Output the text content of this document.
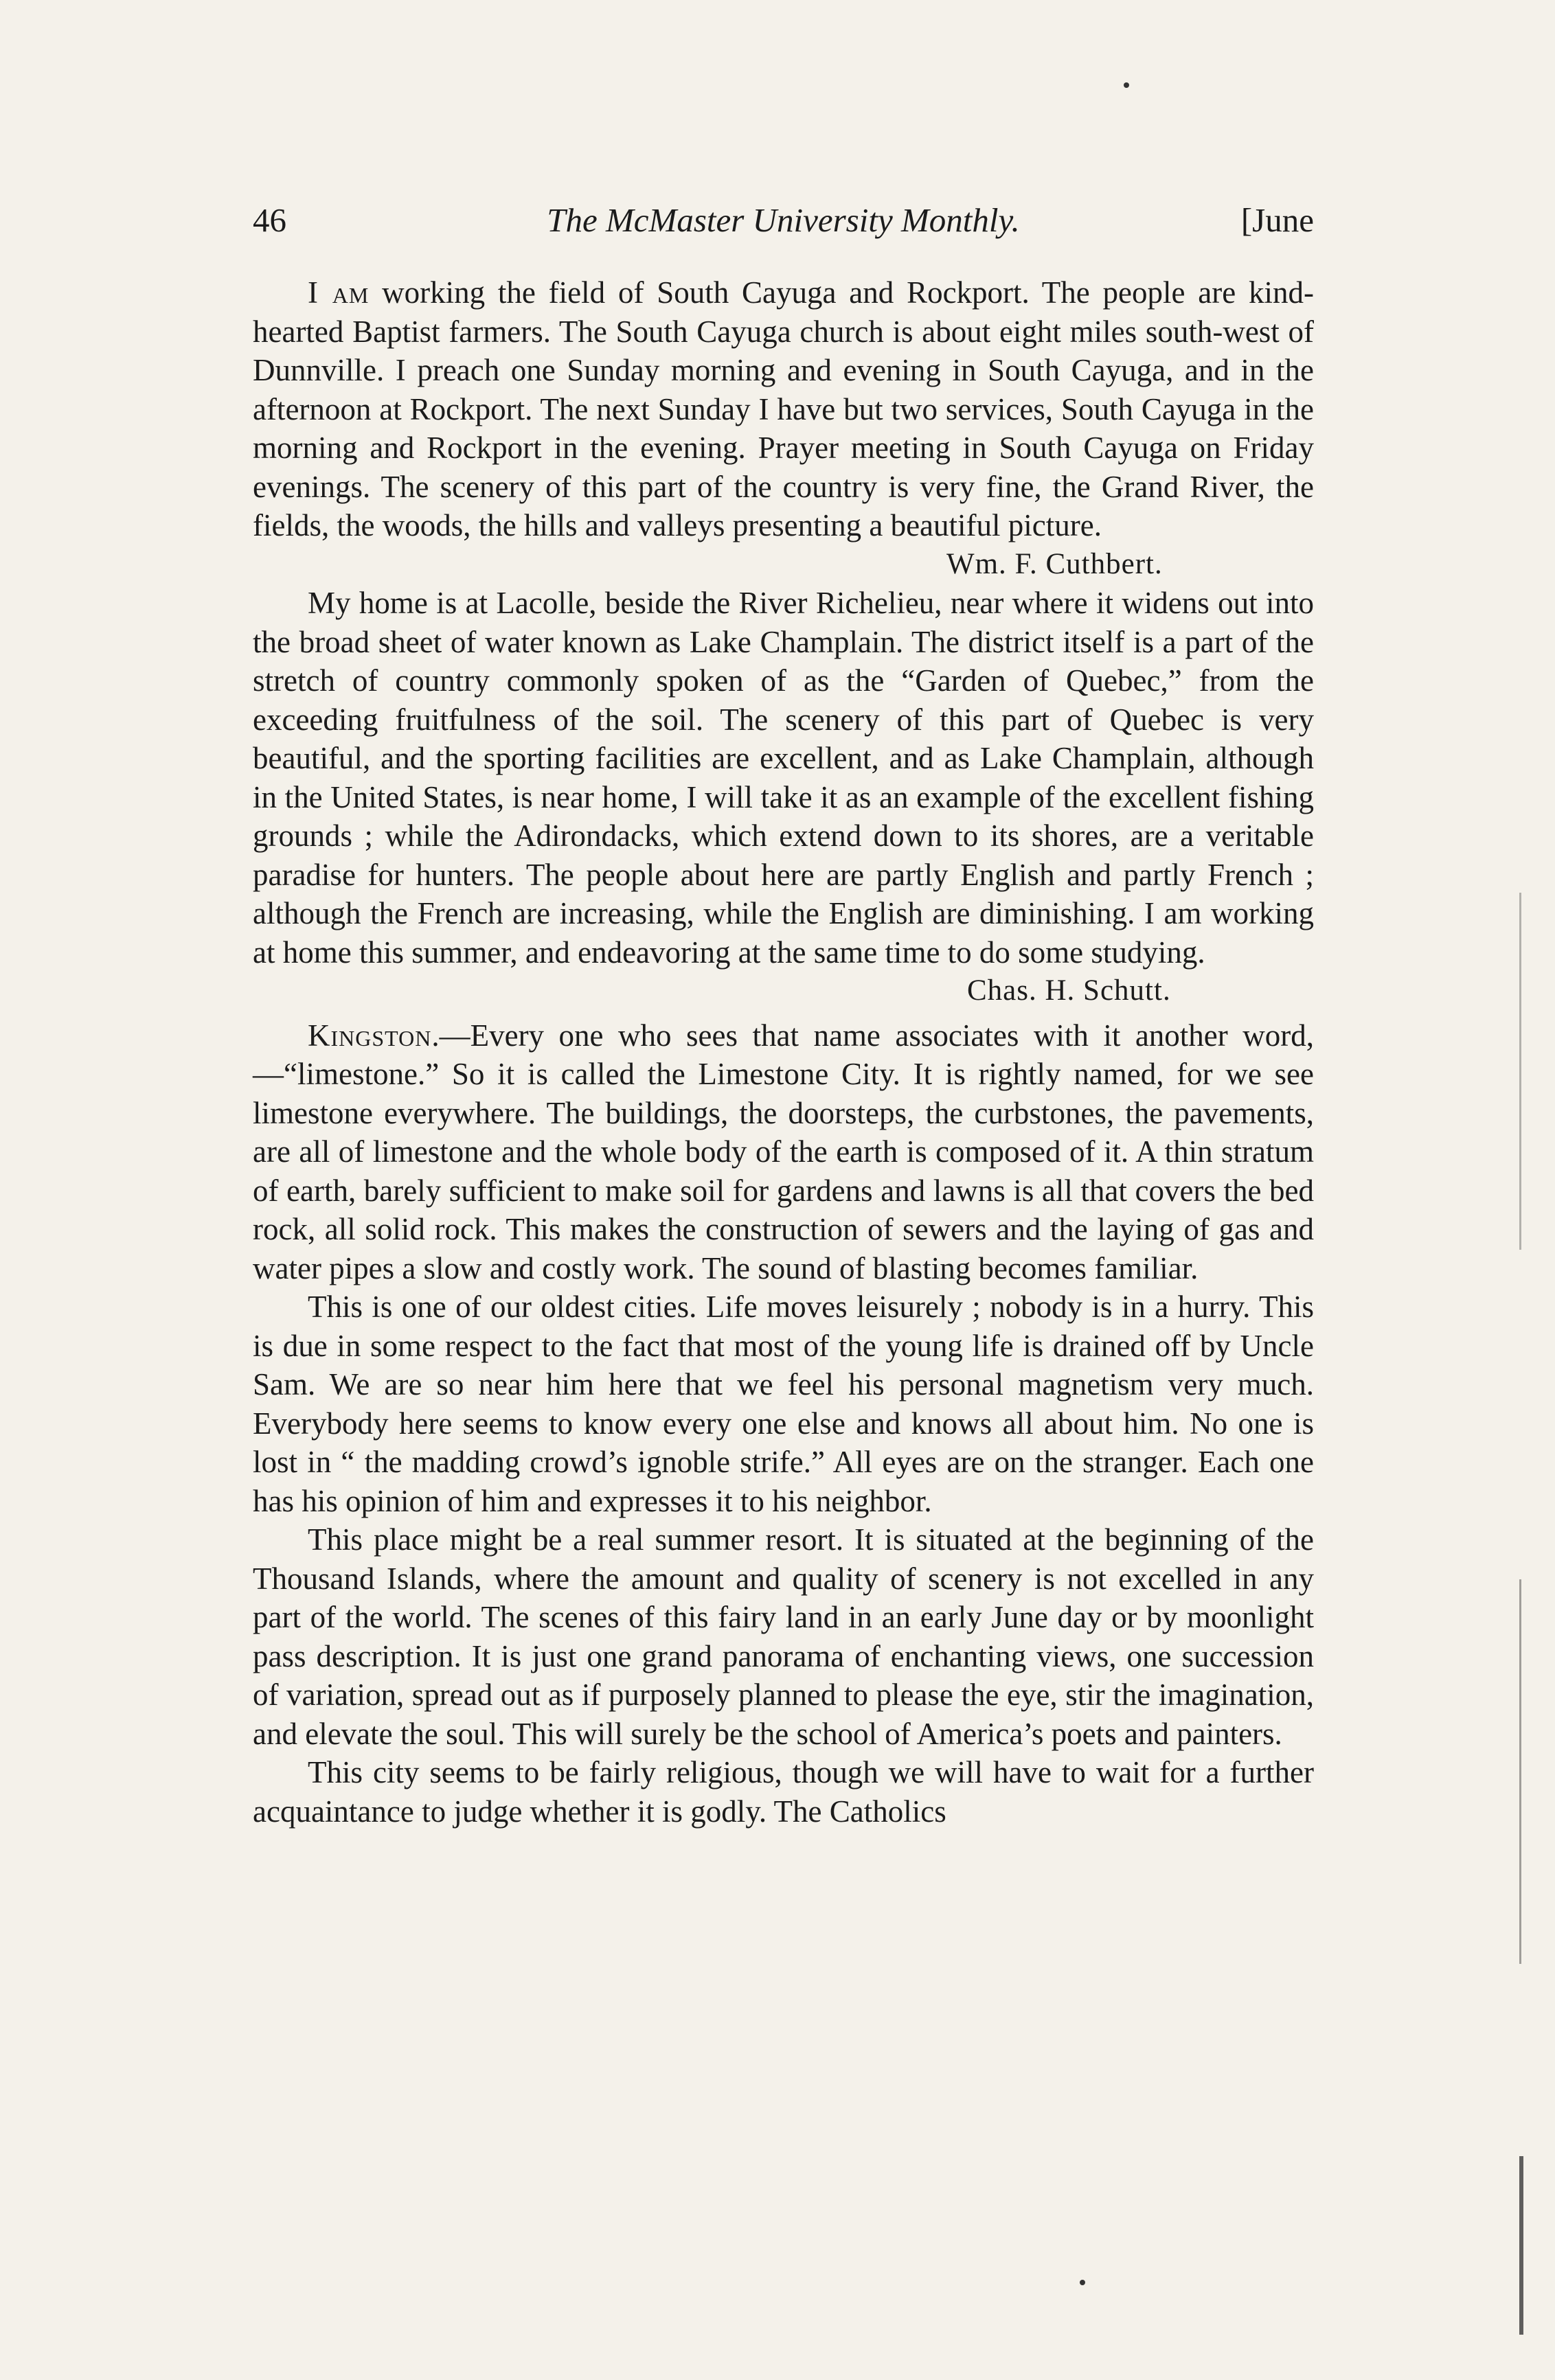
46	The McMaster University Monthly.	[June

I am working the field of South Cayuga and Rockport. The people are kind-hearted Baptist farmers. The South Cayuga church is about eight miles south-west of Dunnville. I preach one Sunday morning and evening in South Cayuga, and in the afternoon at Rockport. The next Sunday I have but two services, South Cayuga in the morning and Rockport in the evening. Prayer meeting in South Cayuga on Friday evenings. The scenery of this part of the country is very fine, the Grand River, the fields, the woods, the hills and valleys presenting a beautiful picture.

Wm. F. Cuthbert.

My home is at Lacolle, beside the River Richelieu, near where it widens out into the broad sheet of water known as Lake Champlain. The district itself is a part of the stretch of country commonly spoken of as the “Garden of Quebec,” from the exceeding fruitfulness of the soil. The scenery of this part of Quebec is very beautiful, and the sporting facilities are excellent, and as Lake Champlain, although in the United States, is near home, I will take it as an example of the excellent fishing grounds ; while the Adirondacks, which extend down to its shores, are a veritable paradise for hunters. The people about here are partly English and partly French ; although the French are increasing, while the English are diminishing. I am working at home this summer, and endeavoring at the same time to do some studying.

Chas. H. Schutt.

Kingston.—Every one who sees that name associates with it another word,—“limestone.” So it is called the Limestone City. It is rightly named, for we see limestone everywhere. The buildings, the doorsteps, the curbstones, the pavements, are all of limestone and the whole body of the earth is composed of it. A thin stratum of earth, barely sufficient to make soil for gardens and lawns is all that covers the bed rock, all solid rock. This makes the construction of sewers and the laying of gas and water pipes a slow and costly work. The sound of blasting becomes familiar.

This is one of our oldest cities. Life moves leisurely ; nobody is in a hurry. This is due in some respect to the fact that most of the young life is drained off by Uncle Sam. We are so near him here that we feel his personal magnetism very much. Everybody here seems to know every one else and knows all about him. No one is lost in “ the madding crowd’s ignoble strife.” All eyes are on the stranger. Each one has his opinion of him and expresses it to his neighbor.

This place might be a real summer resort. It is situated at the beginning of the Thousand Islands, where the amount and quality of scenery is not excelled in any part of the world. The scenes of this fairy land in an early June day or by moonlight pass description. It is just one grand panorama of enchanting views, one succession of variation, spread out as if purposely planned to please the eye, stir the imagination, and elevate the soul. This will surely be the school of America’s poets and painters.

This city seems to be fairly religious, though we will have to wait for a further acquaintance to judge whether it is godly. The Catholics
